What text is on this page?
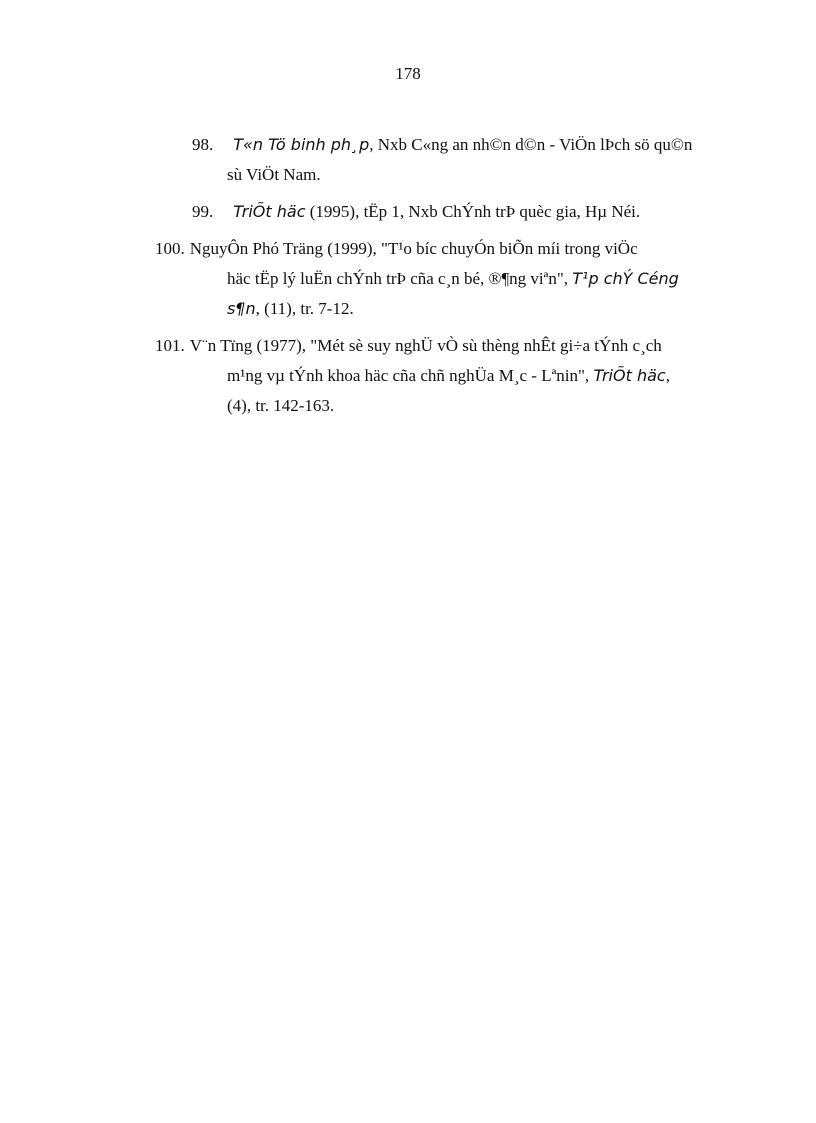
178
98. T«n Tö binh ph¸p, Nxb C«ng an nh©n d©n - ViÖn lÞch sö qu©n
sù ViÖt Nam.
99. TriÕt häc (1995), tËp 1, Nxb ChÝnh trÞ quèc gia, Hµ Néi.
100. NguyÔn Phó Träng (1999), "T¹o bíc chuyÓn biÕn míi trong viÖc
häc tËp lý luËn chÝnh trÞ cña c¸n bé, ®¶ng viªn", T¹p chÝ Céng
s¶n, (11), tr. 7-12.
101. V¨n Tïng (1977), "Mét sè suy nghÜ vÒ sù thèng nhÊt gi÷a tÝnh c¸ch
m¹ng vµ tÝnh khoa häc cña chñ nghÜa M¸c - Lªnin", TriÕt häc,
(4), tr. 142-163.
